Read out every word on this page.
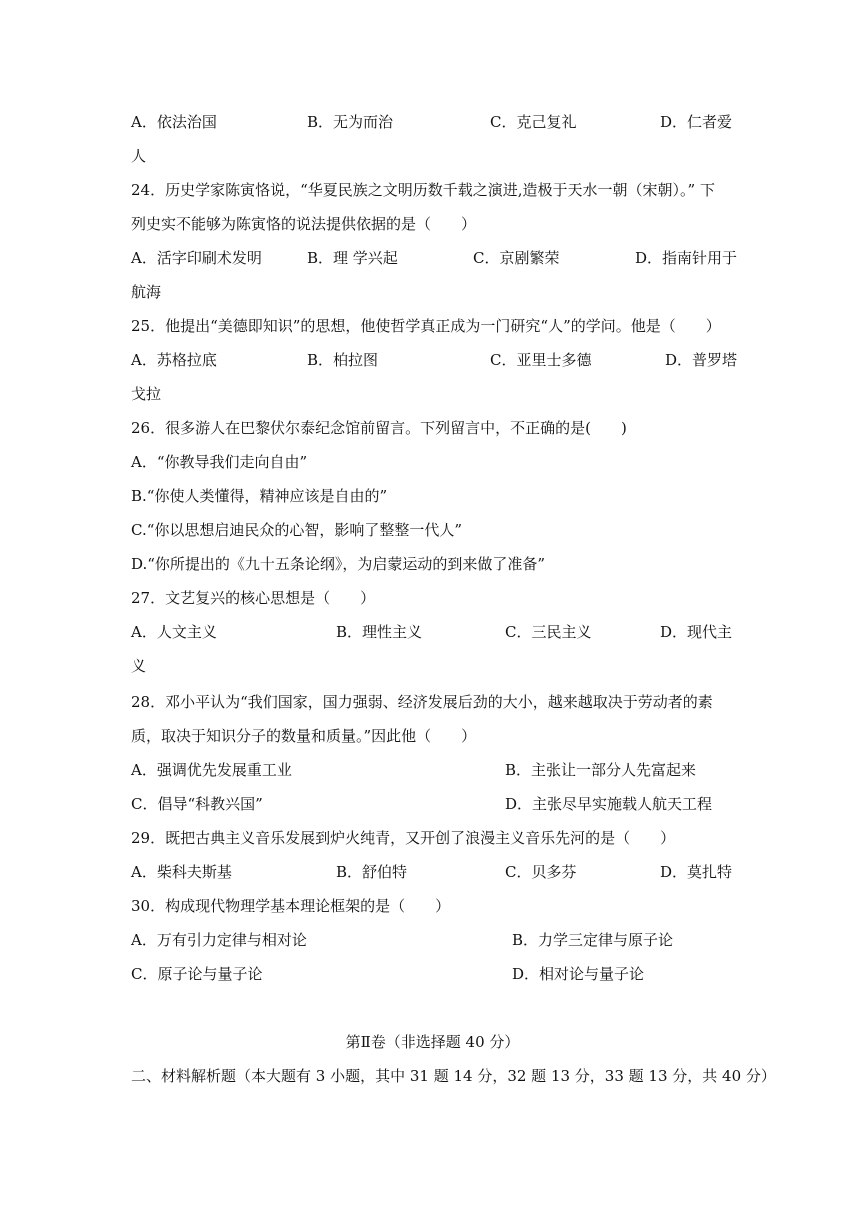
A．依法治国	B．无为而治	C．克己复礼	D．仁者爱
人
24．历史学家陈寅恪说，“华夏民族之文明历数千载之演进,造极于天水一朝（宋朝）。” 下
列史实不能够为陈寅恪的说法提供依据的是（　　）
A．活字印刷术发明	B．理 学兴起	C．京剧繁荣	D．指南针用于
航海
25．他提出“美德即知识”的思想，他使哲学真正成为一门研究“人”的学问。他是（　　）
A．苏格拉底	B．柏拉图	C．亚里士多德	D．普罗塔
戈拉
26．很多游人在巴黎伏尔泰纪念馆前留言。下列留言中，不正确的是(　　)
A．“你教导我们走向自由”
B.“你使人类懂得，精神应该是自由的”
C.“你以思想启迪民众的心智，影响了整整一代人”
D.“你所提出的《九十五条论纲》，为启蒙运动的到来做了准备”
27．文艺复兴的核心思想是（　　）
A．人文主义	B．理性主义	C．三民主义	D．现代主
义
28．邓小平认为“我们国家，国力强弱、经济发展后劲的大小，越来越取决于劳动者的素
质，取决于知识分子的数量和质量。”因此他（　　）
A．强调优先发展重工业	B．主张让一部分人先富起来
C．倡导“科教兴国”	D．主张尽早实施载人航天工程
29．既把古典主义音乐发展到炉火纯青，又开创了浪漫主义音乐先河的是（　　）
A．柴科夫斯基	B．舒伯特	C．贝多芬	D．莫扎特
30．构成现代物理学基本理论框架的是（　　）
A．万有引力定律与相对论	B．力学三定律与原子论
C．原子论与量子论	D．相对论与量子论
第Ⅱ卷（非选择题 40 分）
二、材料解析题（本大题有 3 小题，其中 31 题 14 分，32 题 13 分，33 题 13 分，共 40 分）
